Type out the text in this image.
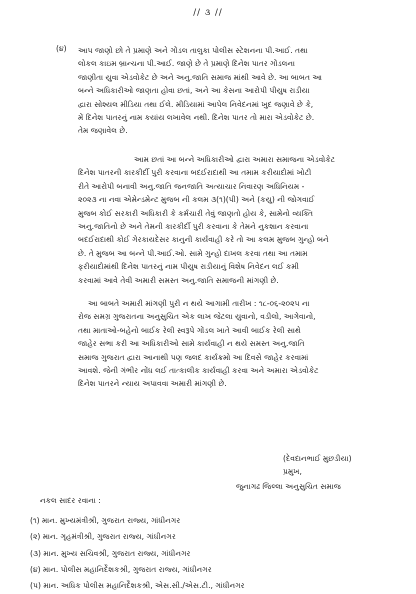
// ૩ //
(૪) આપ જાણો છો તે પ્રમાણે અને ગોંડલ તાલુકા પોલીસ સ્ટેશનના પી.આઈ. તથા
લોકલ કાઇમ બ્રાન્ચના પી.આઈ. જાણે છે તે પ્રમાણે દિનેશ પાતર ગોંડલના
જાણીતા યુવા એડવોકેટ છે અને અનુ.જાતિ સમાજ માંથી આવે છે. આ બાબત આ
બન્ને અધિકારીઓ જાણતા હોવા છતાં, અને આ કેસના આરોપી પીયુષ રાડીયા
દ્વારા સોશ્યલ મીડિયા તથા ઈલે. મીડિયામાં આપેલ નિવેદનમાં ખુદ જણાવે છે કે,
મેં દિનેશ પાતરનું નામ કયાંય લખાવેલ નથી. દિનેશ પાતર તો મારા એડવોકેટ છે.
તેમ જણાવેલ છે.
આમ છતાં આ બન્ને અધિકારીઓ દ્વારા અમારા સમાજના એડવોકેટ
દિનેશ પાતરની કારકીર્દી પુરી કરવાના બદઈરાદાથી આ તમામ કરીયાદોમાં ખોટી
રીતે આરોપી બનાવી અનુ.જાતિ જનજાતિ અત્યાચાર નિવારણ અધિનિયમ -
૨૦૨૩ ના નવા એમેન્ડમેન્ટ મુજબ ની કલમ ૩(૧)(પી) અને (કયુ) ની જોગવાઈ
મુજબ કોઈ સરકારી અધિકારી કે કર્મચારી તેવું જાણતો હોય કે, સામેનો વ્યક્તિ
અનુ.જાતિનો છે અને તેમની કારકીર્દી પુરી કરવાના કે તેમને નુકશાન કરવાના
બદઈરાદાથી કોઈ ગેરકાયદેસર કાનુની કાર્યવાહી કરે તો આ કલમ મુજબ ગુન્હો બને
છે. તે મુજબ આ બન્ને પી.આઈ.ઓ. સામે ગુન્હો દાખલ કરવા તથા આ તમામ
ફરીયાદોમાંથી દિનેશ પાતરનું નામ પીયુષ રાડીયાનું વિશેષ નિવેદન લઈ કમી
કરવામાં આવે તેવી અમારી સમસ્ત અનુ.જાતિ સમાજની માંગણી છે.
આ બાબતે અમારી માંગણી પુરી ન થયે આગામી તારીખ : ૧૮-૦૬-૨૦૨૫ ના
રોજ સમગ્ર ગુજરાતના અનુસુચિત એક લાખ જેટલા યુવાનો, વડીલો, આગેવાનો,
તથા માતાઓ-બહેનો બાઈક રેલી સ્વરૂપે ગોંડલ ખાતે આવી બાઈક રેલી સાથે
જાહેર સભા કરી આ અધિકારીઓ સામે કાર્યવાહી ન થયે સમસ્ત અનુ.જાતિ
સમાજ ગુજરાત દ્વારા આનાથી પણ જલદ કાર્યક્રમો આ દિવસે જાહેર કરવામાં
આવશે. જેની ગંભીર નોંધ લઈ તાત્કાલીક કાર્યવાહી કરવા અને અમારા એડવોકેટ
દિનેશ પાતરને ન્યાય અપાવવા અમારી માંગણી છે.
(દેવદાનભાઈ મુછડીયા)
પ્રમુખ,
જુનાગઢ જિલ્લા અનુસુચિત સમાજ
નકલ સાદર રવાના :
(૧) માન. મુખ્યમંત્રીશ્રી, ગુજરાત રાજ્ય, ગાંધીનગર
(૨) માન. ગૃહમંત્રીશ્રી, ગુજરાત રાજ્ય, ગાંધીનગર
(૩) માન. મુખ્ય સચિવશ્રી, ગુજરાત રાજ્ય, ગાંધીનગર
(૪) માન. પોલીસ મહાનિર્દેશકશ્રી, ગુજરાત રાજ્ય, ગાંધીનગર
(૫) માન. અધિક પોલીસ મહાનિર્દેશકશ્રી, એસ.સી./એસ.ટી., ગાંધીનગર
